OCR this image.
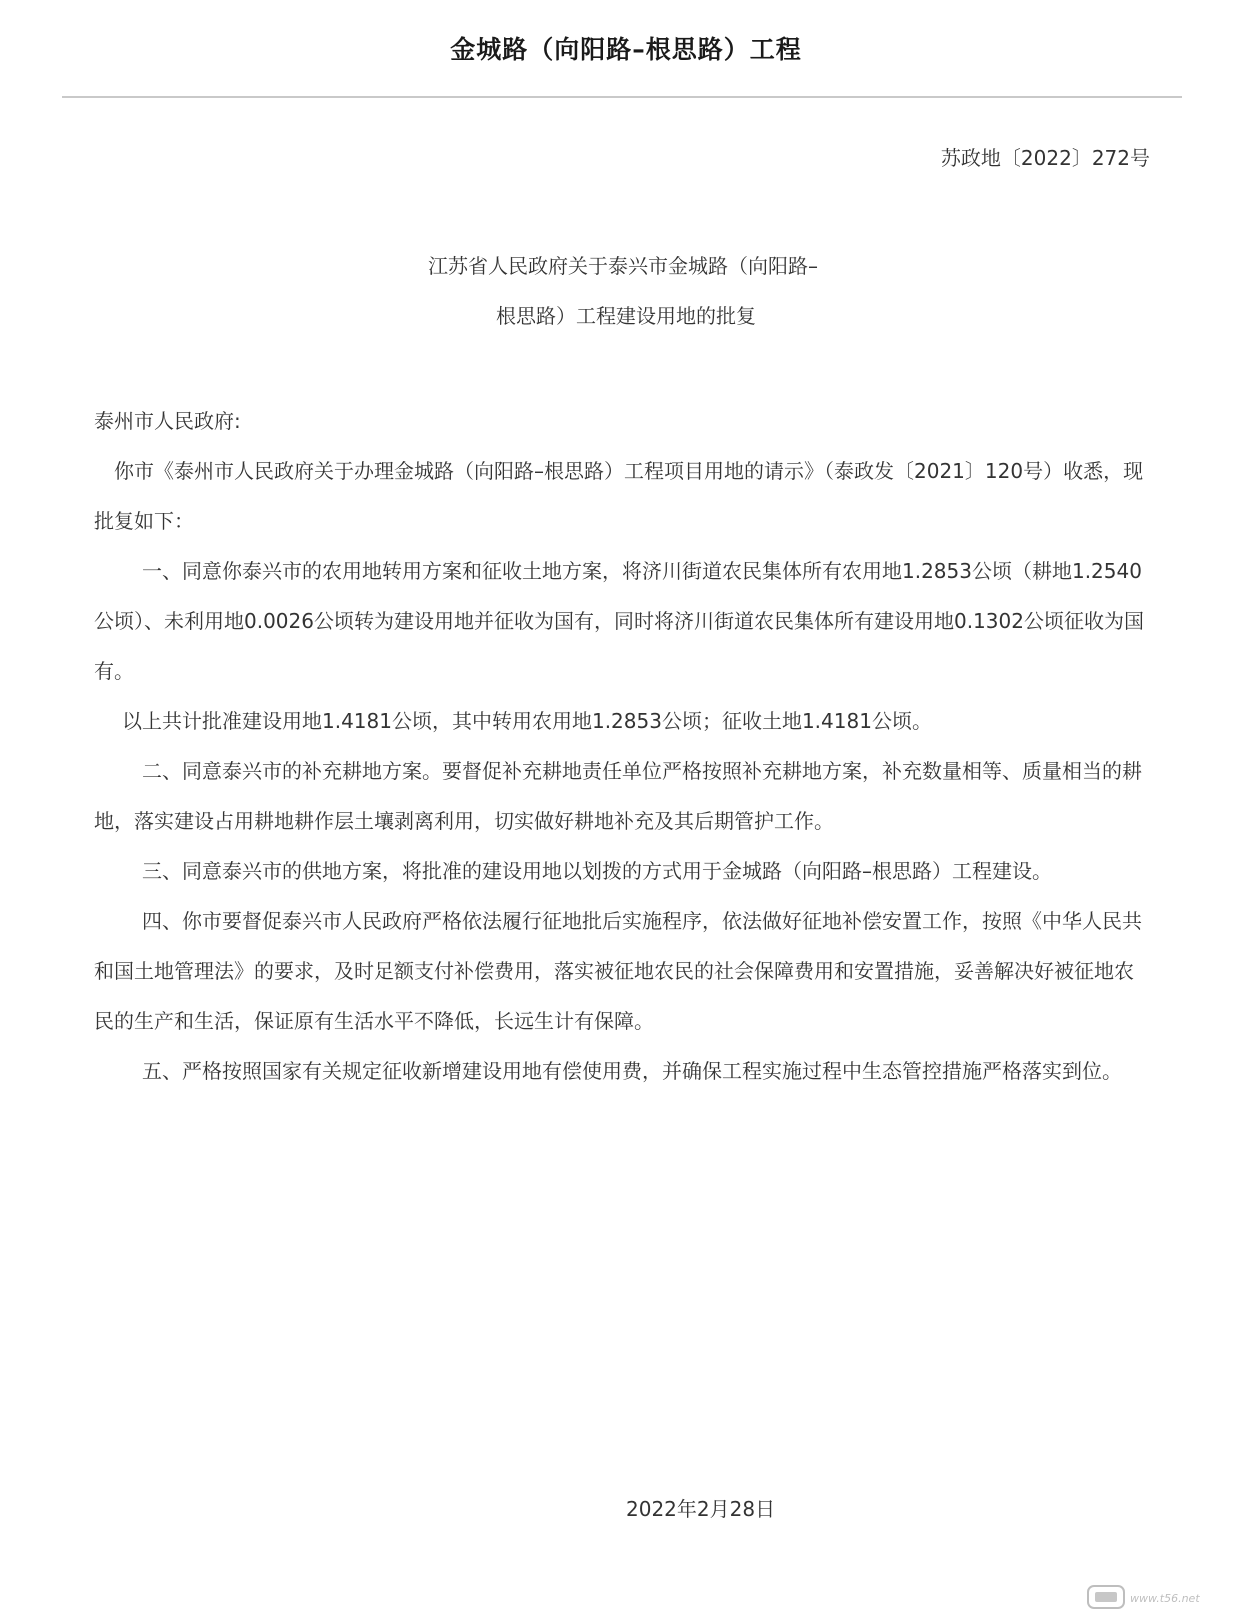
金城路（向阳路–根思路）工程
苏政地〔2022〕272号
江苏省人民政府关于泰兴市金城路（向阳路–
根思路）工程建设用地的批复

泰州市人民政府:

你市《泰州市人民政府关于办理金城路（向阳路–根思路）工程项目用地的请示》（泰政发〔2021〕120号）收悉，现批复如下：

一、同意你泰兴市的农用地转用方案和征收土地方案，将济川街道农民集体所有农用地1.2853公顷（耕地1.2540公顷）、未利用地0.0026公顷转为建设用地并征收为国有，同时将济川街道农民集体所有建设用地0.1302公顷征收为国有。

以上共计批准建设用地1.4181公顷，其中转用农用地1.2853公顷；征收土地1.4181公顷。

二、同意泰兴市的补充耕地方案。要督促补充耕地责任单位严格按照补充耕地方案，补充数量相等、质量相当的耕地，落实建设占用耕地耕作层土壤剥离利用，切实做好耕地补充及其后期管护工作。

三、同意泰兴市的供地方案，将批准的建设用地以划拨的方式用于金城路（向阳路–根思路）工程建设。

四、你市要督促泰兴市人民政府严格依法履行征地批后实施程序，依法做好征地补偿安置工作，按照《中华人民共和国土地管理法》的要求，及时足额支付补偿费用，落实被征地农民的社会保障费用和安置措施，妥善解决好被征地农民的生产和生活，保证原有生活水平不降低，长远生计有保障。

五、严格按照国家有关规定征收新增建设用地有偿使用费，并确保工程实施过程中生态管控措施严格落实到位。

2022年2月28日
www.t56.net
